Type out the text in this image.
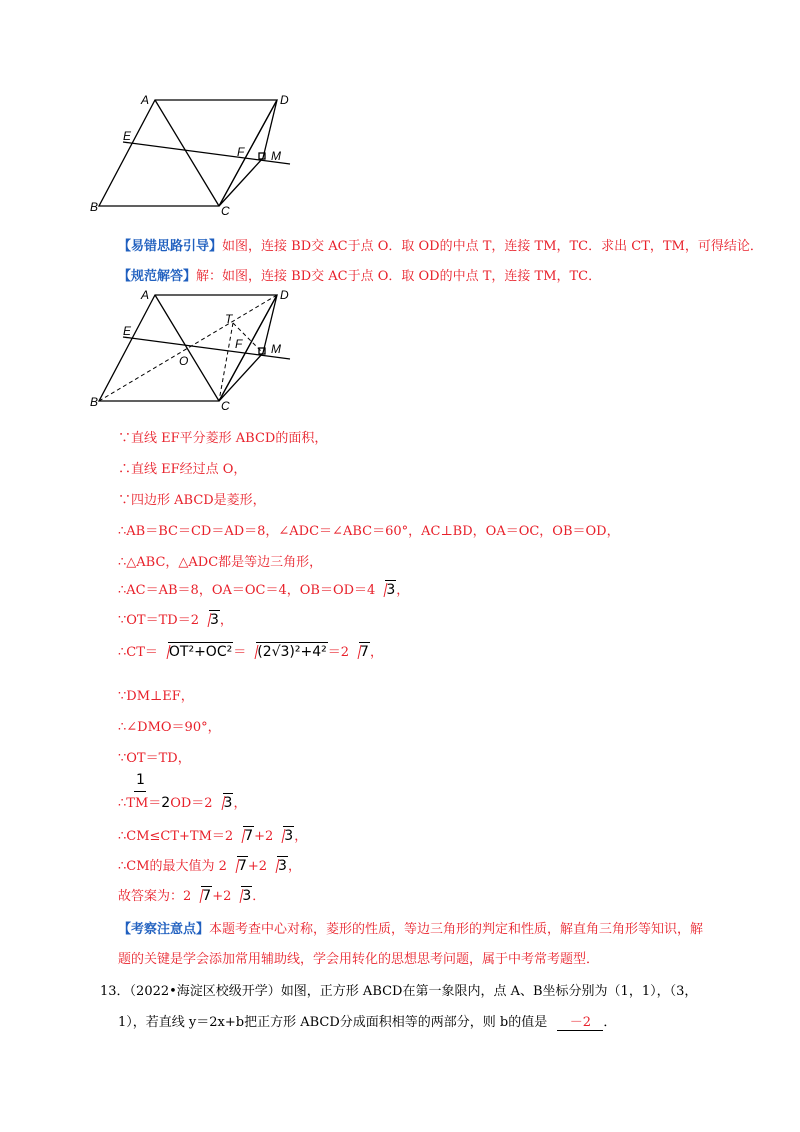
A	D
E
F M
B	C
【易错思路引导】如图，连接 BD交 AC于点 O．取 OD的中点 T，连接 TM，TC．求出 CT，TM，可得结论．
【规范解答】解：如图，连接 BD交 AC于点 O．取 OD的中点 T，连接 TM，TC．
A	D
E
T
F M
O
B	C
∵直线 EF平分菱形 ABCD的面积，
∴直线 EF经过点 O，
∵四边形 ABCD是菱形，
∴AB＝BC＝CD＝AD＝8，∠ADC＝∠ABC＝60°，AC⊥BD，OA＝OC，OB＝OD，
∴△ABC，△ADC都是等边三角形，
∴AC＝AB＝8，OA＝OC＝4，OB＝OD＝4 3，
∵OT＝TD＝2 3，
∴CT＝ OT²+OC²＝ (2√3)²+4²＝2 7，
∵DM⊥EF，
∴∠DMO＝90°，
∵OT＝TD，
1
∴TM＝2OD＝2 3，
∴CM≤CT+TM＝2 7+2 3，
∴CM的最大值为 2 7+2 3，
故答案为：2 7+2 3．
【考察注意点】本题考查中心对称，菱形的性质，等边三角形的判定和性质，解直角三角形等知识，解
题的关键是学会添加常用辅助线，学会用转化的思想思考问题，属于中考常考题型．
13．（2022•海淀区校级开学）如图，正方形 ABCD在第一象限内，点 A、B坐标分别为（1，1），（3，
1），若直线 y＝2x+b把正方形 ABCD分成面积相等的两部分，则 b的值是 －2 ．
